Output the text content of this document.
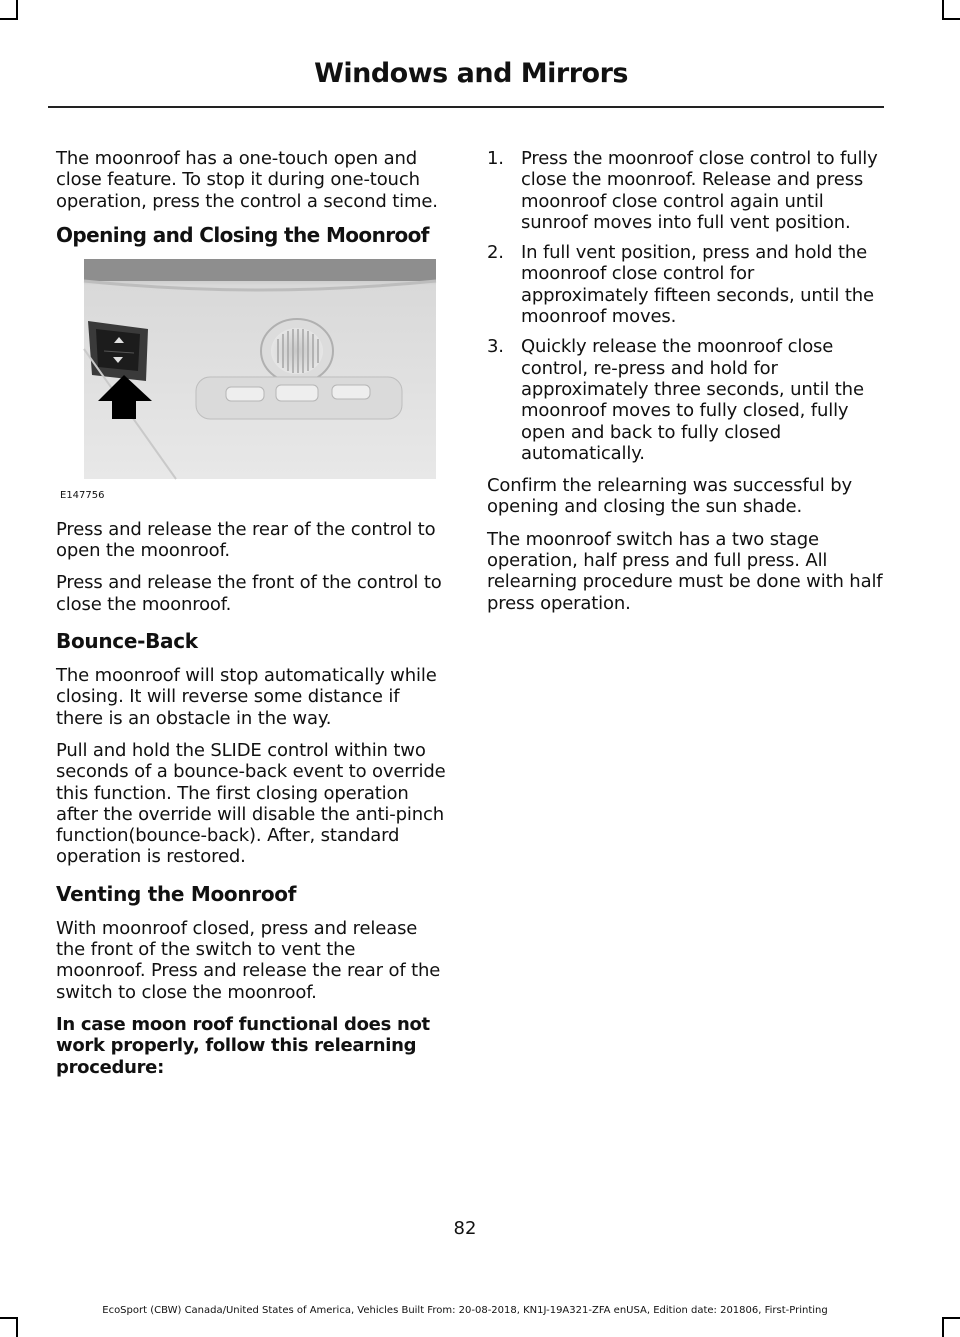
Windows and Mirrors

The moonroof has a one-touch open and close feature. To stop it during one-touch operation, press the control a second time.

Opening and Closing the Moonroof
E147756

Press and release the rear of the control to open the moonroof.

Press and release the front of the control to close the moonroof.

Bounce-Back

The moonroof will stop automatically while closing. It will reverse some distance if there is an obstacle in the way.

Pull and hold the SLIDE control within two seconds of a bounce-back event to override this function. The first closing operation after the override will disable the anti-pinch function(bounce-back). After, standard operation is restored.

Venting the Moonroof

With moonroof closed, press and release the front of the switch to vent the moonroof. Press and release the rear of the switch to close the moonroof.

In case moon roof functional does not work properly, follow this relearning procedure:

1. Press the moonroof close control to fully close the moonroof. Release and press moonroof close control again until sunroof moves into full vent position.
2. In full vent position, press and hold the moonroof close control for approximately fifteen seconds, until the moonroof moves.
3. Quickly release the moonroof close control, re-press and hold for approximately three seconds, until the moonroof moves to fully closed, fully open and back to fully closed automatically.

Confirm the relearning was successful by opening and closing the sun shade.

The moonroof switch has a two stage operation, half press and full press. All relearning procedure must be done with half press operation.

82
EcoSport (CBW) Canada/United States of America, Vehicles Built From: 20-08-2018, KN1J-19A321-ZFA enUSA, Edition date: 201806, First-Printing
